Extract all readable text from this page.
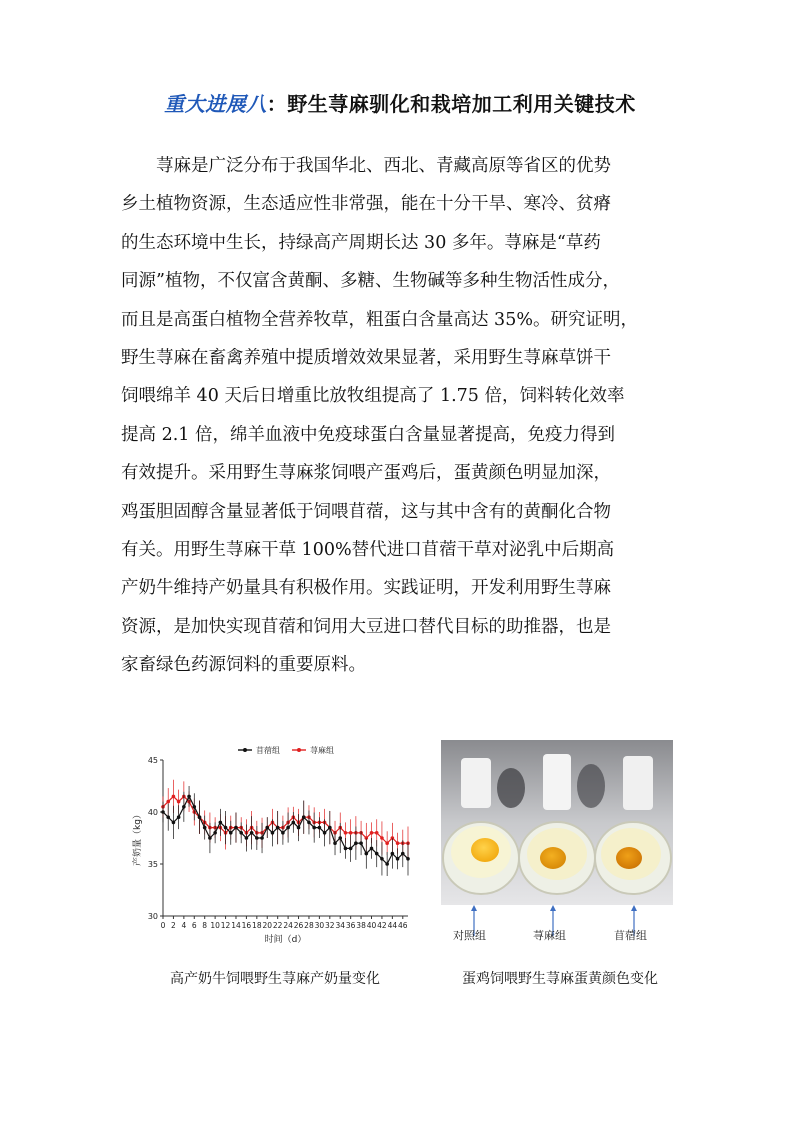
重大进展八：野生荨麻驯化和栽培加工利用关键技术
　　荨麻是广泛分布于我国华北、西北、青藏高原等省区的优势
乡土植物资源，生态适应性非常强，能在十分干旱、寒冷、贫瘠
的生态环境中生长，持绿高产周期长达 30 多年。荨麻是“草药
同源”植物，不仅富含黄酮、多糖、生物碱等多种生物活性成分，
而且是高蛋白植物全营养牧草，粗蛋白含量高达 35%。研究证明，
野生荨麻在畜禽养殖中提质增效效果显著，采用野生荨麻草饼干
饲喂绵羊 40 天后日增重比放牧组提高了 1.75 倍，饲料转化效率
提高 2.1 倍，绵羊血液中免疫球蛋白含量显著提高，免疫力得到
有效提升。采用野生荨麻浆饲喂产蛋鸡后，蛋黄颜色明显加深，
鸡蛋胆固醇含量显著低于饲喂苜蓿，这与其中含有的黄酮化合物
有关。用野生荨麻干草 100%替代进口苜蓿干草对泌乳中后期高
产奶牛维持产奶量具有积极作用。实践证明，开发利用野生荨麻
资源，是加快实现苜蓿和饲用大豆进口替代目标的助推器，也是
家畜绿色药源饲料的重要原料。
30
35
40
45
0 2 4 6 8 10 12 14 16 18 20 22 24 26 28 30 32 34 36 38 40 42 44 46
时间（d）
产奶量（kg）
苜蓿组	荨麻组
对照组	荨麻组	苜蓿组
高产奶牛饲喂野生荨麻产奶量变化	蛋鸡饲喂野生荨麻蛋黄颜色变化
